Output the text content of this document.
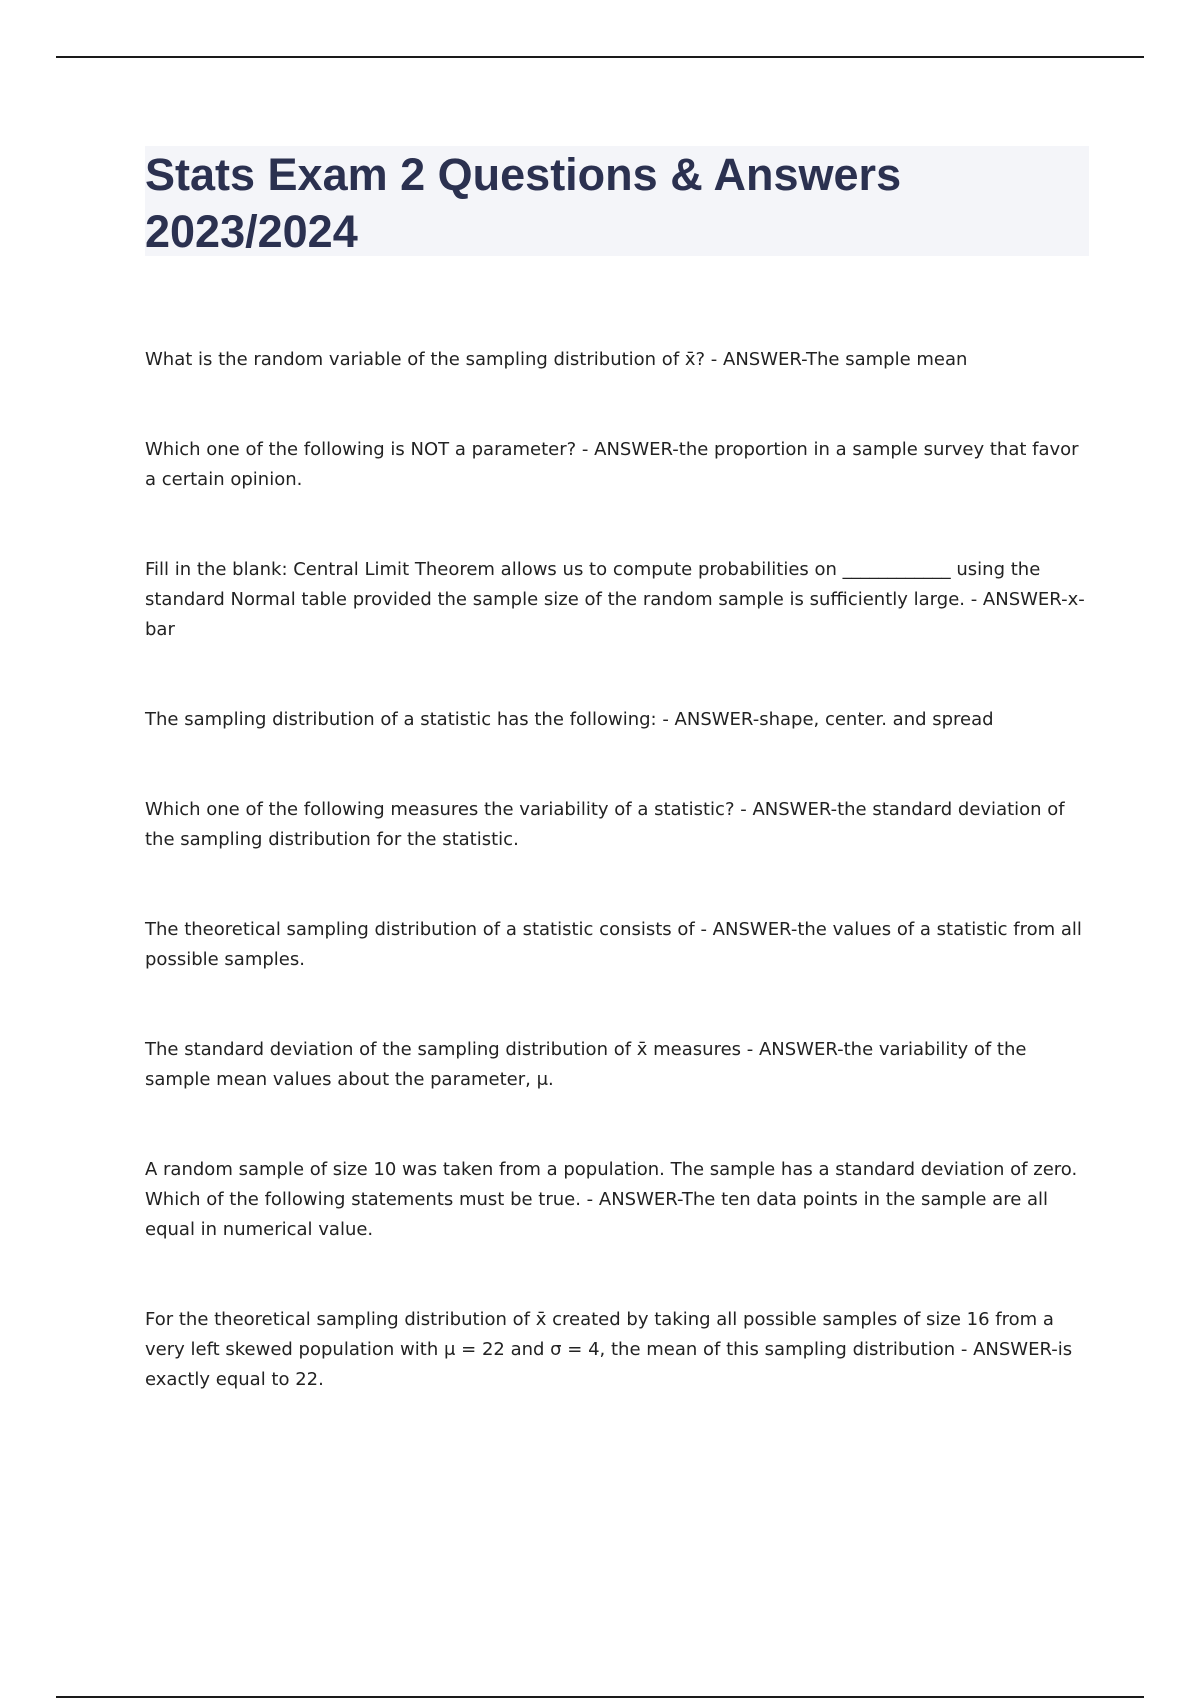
Stats Exam 2 Questions & Answers 2023/2024
What is the random variable of the sampling distribution of x̄? - ANSWER-The sample mean
Which one of the following is NOT a parameter? - ANSWER-the proportion in a sample survey that favor a certain opinion.
Fill in the blank: Central Limit Theorem allows us to compute probabilities on ____________ using the standard Normal table provided the sample size of the random sample is sufficiently large. - ANSWER-x-bar
The sampling distribution of a statistic has the following: - ANSWER-shape, center. and spread
Which one of the following measures the variability of a statistic? - ANSWER-the standard deviation of the sampling distribution for the statistic.
The theoretical sampling distribution of a statistic consists of - ANSWER-the values of a statistic from all possible samples.
The standard deviation of the sampling distribution of x̄ measures - ANSWER-the variability of the sample mean values about the parameter, μ.
A random sample of size 10 was taken from a population. The sample has a standard deviation of zero. Which of the following statements must be true. - ANSWER-The ten data points in the sample are all equal in numerical value.
For the theoretical sampling distribution of x̄ created by taking all possible samples of size 16 from a very left skewed population with μ = 22 and σ = 4, the mean of this sampling distribution - ANSWER-is exactly equal to 22.
